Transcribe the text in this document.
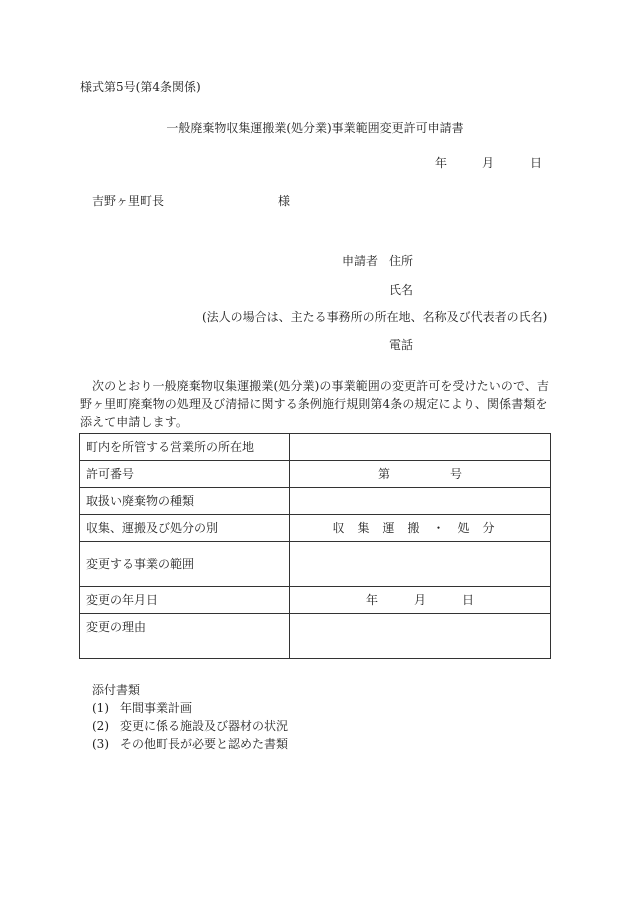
様式第5号(第4条関係)
一般廃棄物収集運搬業(処分業)事業範囲変更許可申請書
年	月	日
吉野ヶ里町長	様
申請者 住所
氏名
(法人の場合は、主たる事務所の所在地、名称及び代表者の氏名)
電話
次のとおり一般廃棄物収集運搬業(処分業)の事業範囲の変更許可を受けたいので、吉野ヶ里町廃棄物の処理及び清掃に関する条例施行規則第4条の規定により、関係書類を添えて申請します。
町内を所管する営業所の所在地	
許可番号	第 号
取扱い廃棄物の種類	
収集、運搬及び処分の別	収集運搬・処分
変更する事業の範囲	
変更の年月日	年 月 日
変更の理由	
添付書類
(1) 年間事業計画
(2) 変更に係る施設及び器材の状況
(3) その他町長が必要と認めた書類
